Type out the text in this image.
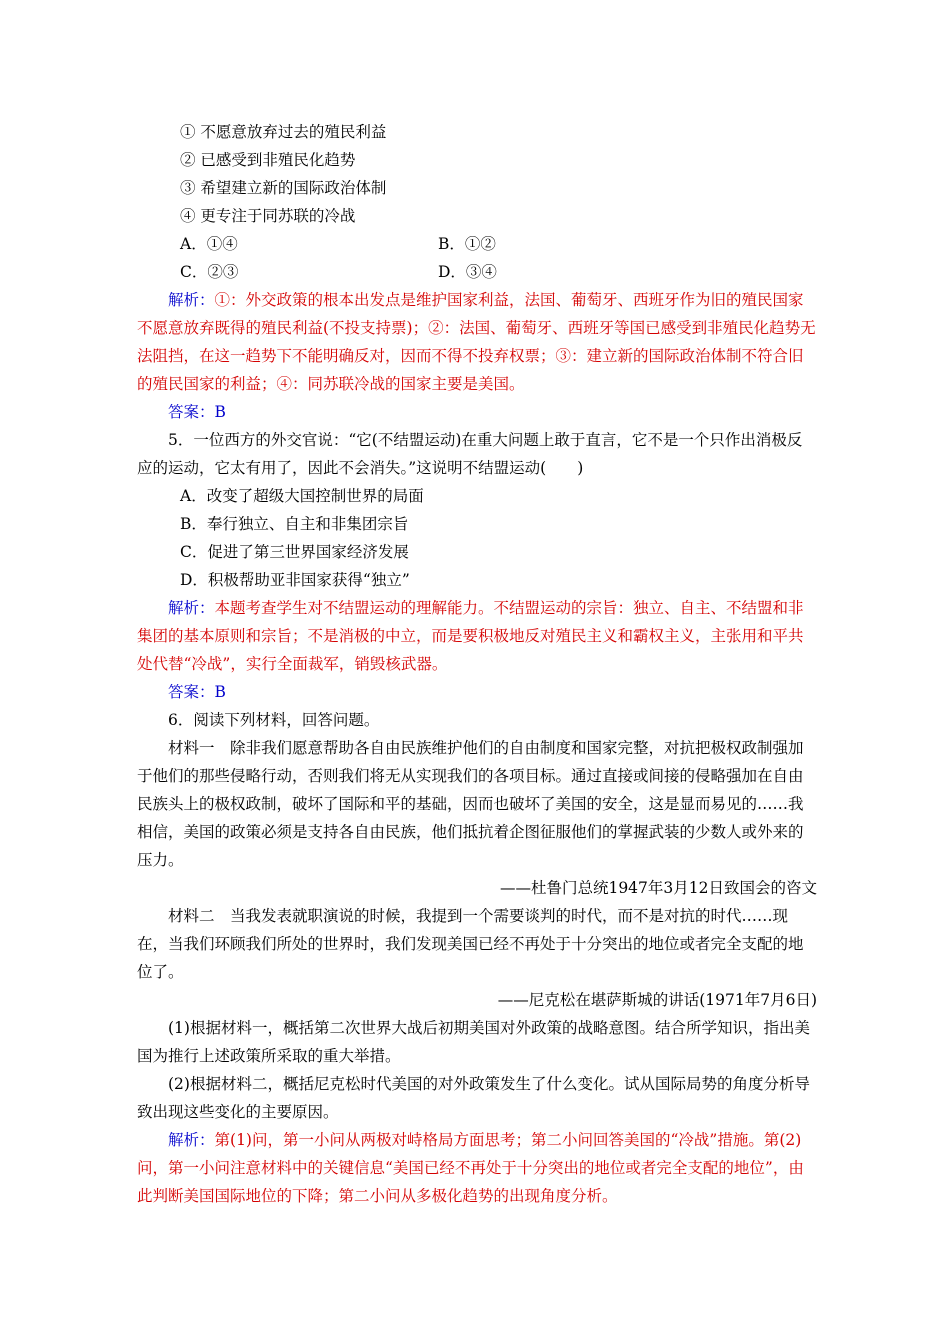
① 不愿意放弃过去的殖民利益

② 已感受到非殖民化趋势

③ 希望建立新的国际政治体制

④ 更专注于同苏联的冷战

A．①④	B．①②
C．②③	D．③④

解析：①：外交政策的根本出发点是维护国家利益，法国、葡萄牙、西班牙作为旧的殖民国家不愿意放弃既得的殖民利益(不投支持票)；②：法国、葡萄牙、西班牙等国已感受到非殖民化趋势无法阻挡，在这一趋势下不能明确反对，因而不得不投弃权票；③：建立新的国际政治体制不符合旧的殖民国家的利益；④：同苏联冷战的国家主要是美国。

答案：B

5．一位西方的外交官说：“它(不结盟运动)在重大问题上敢于直言，它不是一个只作出消极反应的运动，它太有用了，因此不会消失。”这说明不结盟运动(　　)

A．改变了超级大国控制世界的局面

B．奉行独立、自主和非集团宗旨

C．促进了第三世界国家经济发展

D．积极帮助亚非国家获得“独立”

解析：本题考查学生对不结盟运动的理解能力。不结盟运动的宗旨：独立、自主、不结盟和非集团的基本原则和宗旨；不是消极的中立，而是要积极地反对殖民主义和霸权主义，主张用和平共处代替“冷战”，实行全面裁军，销毁核武器。

答案：B

6．阅读下列材料，回答问题。

材料一　除非我们愿意帮助各自由民族维护他们的自由制度和国家完整，对抗把极权政制强加于他们的那些侵略行动，否则我们将无从实现我们的各项目标。通过直接或间接的侵略强加在自由民族头上的极权政制，破坏了国际和平的基础，因而也破坏了美国的安全，这是显而易见的……我相信，美国的政策必须是支持各自由民族，他们抵抗着企图征服他们的掌握武装的少数人或外来的压力。

——杜鲁门总统1947年3月12日致国会的咨文

材料二　当我发表就职演说的时候，我提到一个需要谈判的时代，而不是对抗的时代……现在，当我们环顾我们所处的世界时，我们发现美国已经不再处于十分突出的地位或者完全支配的地位了。

——尼克松在堪萨斯城的讲话(1971年7月6日)

(1)根据材料一，概括第二次世界大战后初期美国对外政策的战略意图。结合所学知识，指出美国为推行上述政策所采取的重大举措。

(2)根据材料二，概括尼克松时代美国的对外政策发生了什么变化。试从国际局势的角度分析导致出现这些变化的主要原因。

解析：第(1)问，第一小问从两极对峙格局方面思考；第二小问回答美国的“冷战”措施。第(2)问，第一小问注意材料中的关键信息“美国已经不再处于十分突出的地位或者完全支配的地位”，由此判断美国国际地位的下降；第二小问从多极化趋势的出现角度分析。
